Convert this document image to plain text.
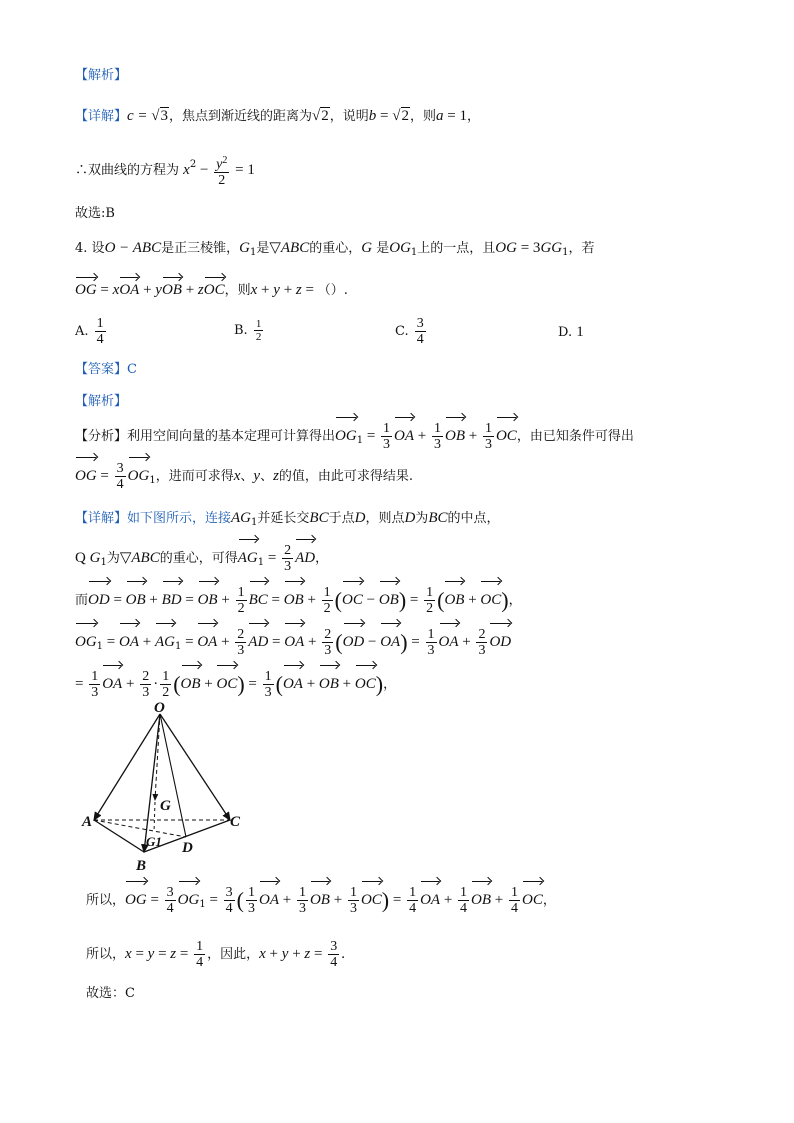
【解析】
【详解】c = √3，焦点到渐近线的距离为√2，说明b = √2，则a = 1，
∴双曲线的方程为 $x^2 - \frac{y^2}{2} = 1$
故选:B
4. 设O − ABC是正三棱锥，$G_1$是▽ABC的重心，G 是$OG_1$上的一点，且OG = $3GG_1$，若
OG = xOA + yOB + zOC，则x + y + z = （）.
A. $\frac{1}{4}$	B. $\frac{1}{2}$	C. $\frac{3}{4}$	D. 1
【答案】C
【解析】
【分析】利用空间向量的基本定理可计算得出$OG_1 = \frac{1}{3}$ OA + $\frac{1}{3}$ OB + $\frac{1}{3}$ OC，由已知条件可得出
OG = $\frac{3}{4} OG_1$，进而可求得x、y、z的值，由此可求得结果.
【详解】如下图所示，连接$AG_1$并延长交BC于点D，则点D为BC的中点，
Q $G_1$为▽ABC的重心，可得$AG_1 = \frac{2}{3}$ AD，
而OD = OB + BD = OB + $\frac{1}{2}$ BC = OB + $\frac{1}{2} (OC - OB) = \frac{1}{2} (OB + OC)$，
$OG_1$ = OA + $AG_1$ = OA + $\frac{2}{3}$ AD = OA + $\frac{2}{3} (OD - OA) = \frac{1}{3}$ OA + $\frac{2}{3}$ OD
= $\frac{1}{3}$ OA + $\frac{2}{3} \cdot \frac{1}{2} (OB + OC) = \frac{1}{3} (OA$ + OB + OC)，
O
A
B
C
D
G
G1
所以，OG = $\frac{3}{4} OG_1 = \frac{3}{4}$ ( $\frac{1}{3}$ OA + $\frac{1}{3}$ OB + $\frac{1}{3} OC) = \frac{1}{4}$ OA + $\frac{1}{4}$ OB + $\frac{1}{4}$ OC，
所以，$x = y = z = \frac{1}{4}$ ，因此，$x + y + z = \frac{3}{4}$ .
故选：C
